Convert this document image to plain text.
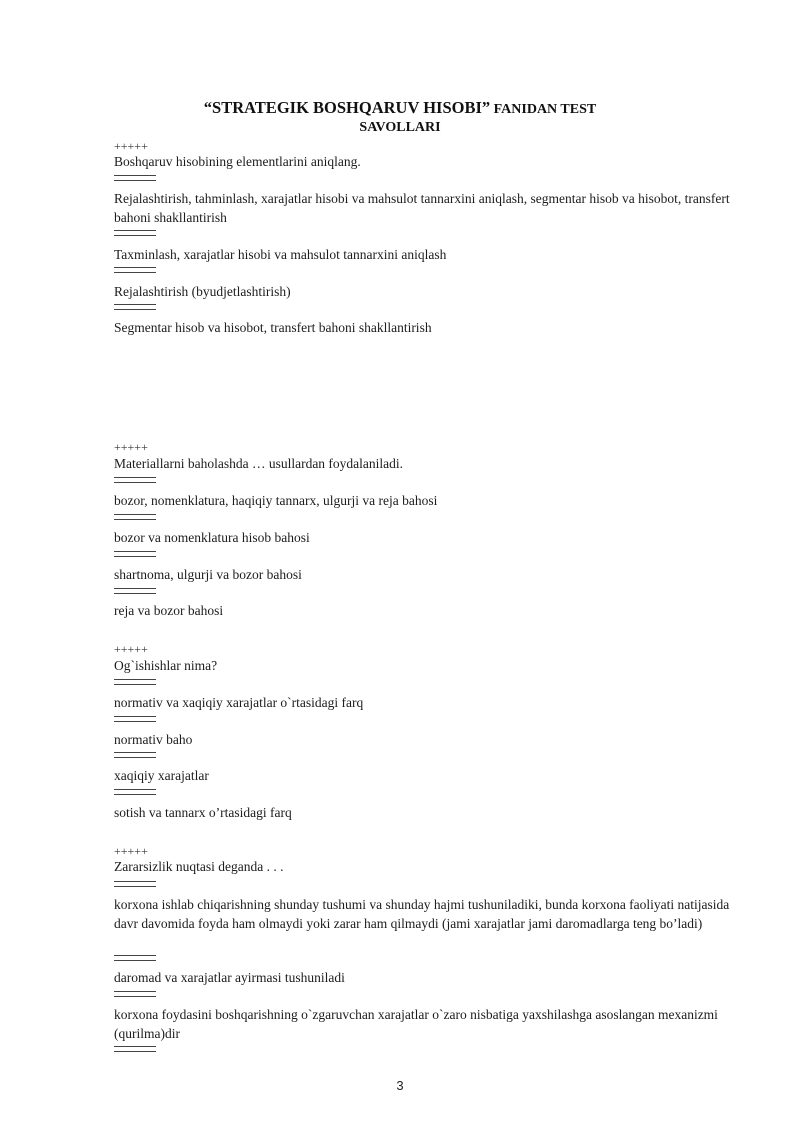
“STRATEGIK BOSHQARUV HISOBI” FANIDAN TEST
SAVOLLARI
+++++
Boshqaruv hisobining elementlarini aniqlang.
Rejalashtirish, tahminlash, xarajatlar hisobi va mahsulot tannarxini aniqlash, segmentar hisob va hisobot, transfert bahoni shakllantirish
Taxminlash, xarajatlar hisobi va mahsulot tannarxini aniqlash
Rejalashtirish (byudjetlashtirish)
Segmentar hisob va hisobot, transfert bahoni shakllantirish
+++++
Materiallarni baholashda … usullardan foydalaniladi.
bozor, nomenklatura, haqiqiy tannarx, ulgurji va reja bahosi
bozor va nomenklatura hisob bahosi
shartnoma, ulgurji va bozor bahosi
reja va bozor bahosi
+++++
Og`ishishlar nima?
normativ va xaqiqiy xarajatlar o`rtasidagi farq
normativ baho
xaqiqiy xarajatlar
sotish va tannarx o’rtasidagi farq
+++++
Zararsizlik nuqtasi deganda . . .
korxona ishlab chiqarishning shunday tushumi va shunday hajmi tushuniladiki, bunda korxona faoliyati natijasida davr davomida foyda ham olmaydi yoki zarar ham qilmaydi (jami xarajatlar jami daromadlarga teng bo’ladi)
daromad va xarajatlar ayirmasi tushuniladi
korxona foydasini boshqarishning o`zgaruvchan xarajatlar o`zaro nisbatiga yaxshilashga asoslangan mexanizmi (qurilma)dir
3
